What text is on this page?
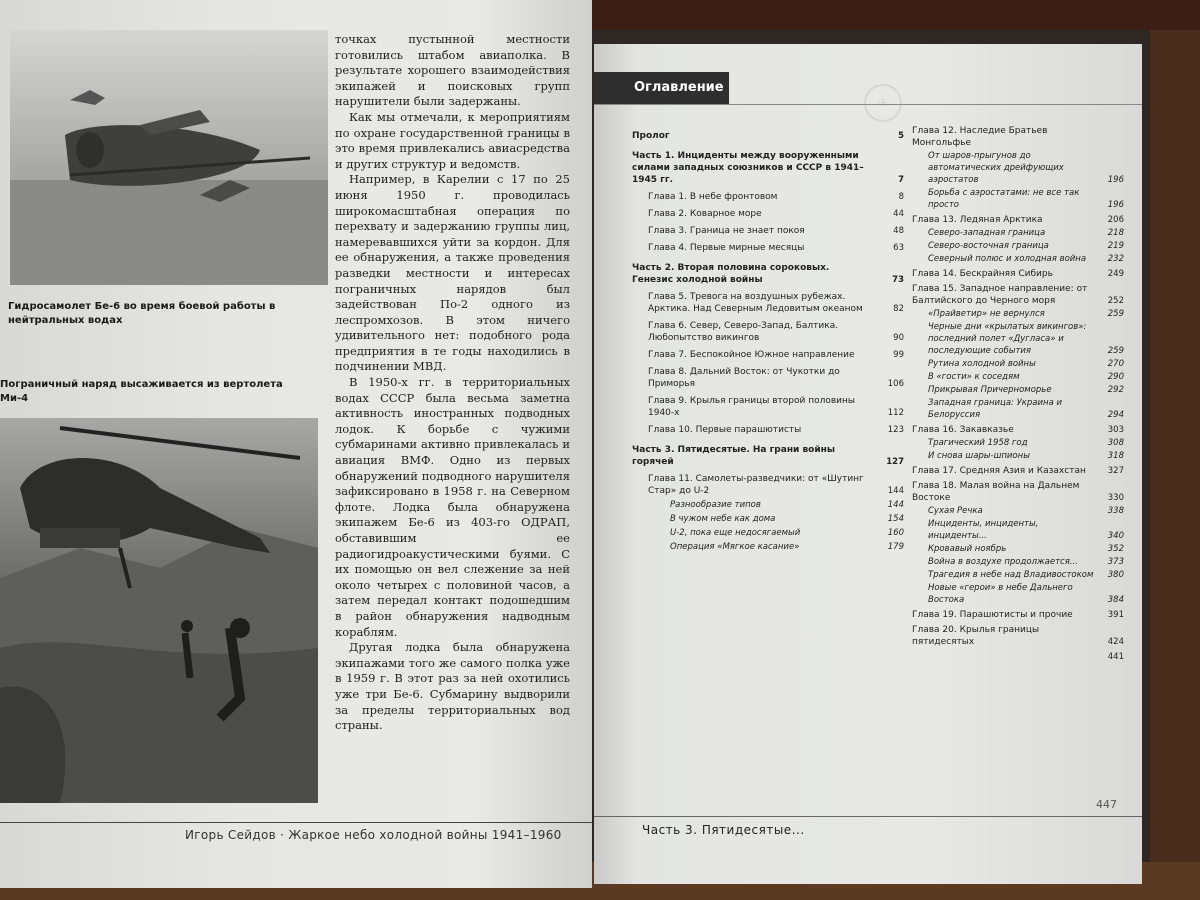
Гидросамолет Бе-6 во время боевой работы в нейтральных водах
Пограничный наряд высаживается из вертолета Ми-4

точках пустынной местности готовились штабом авиаполка. В результате хорошего взаимодействия экипажей и поисковых групп нарушители были задержаны.

Как мы отмечали, к мероприятиям по охране государственной границы в это время привлекались авиасредства и других структур и ведомств.

Например, в Карелии с 17 по 25 июня 1950 г. проводилась широкомасштабная операция по перехвату и задержанию группы лиц, намеревавшихся уйти за кордон. Для ее обнаружения, а также проведения разведки местности и интересах пограничных нарядов был задействован По-2 одного из леспромхозов. В этом ничего удивительного нет: подобного рода предприятия в те годы находились в подчинении МВД.

В 1950-х гг. в территориальных водах СССР была весьма заметна активность иностранных подводных лодок. К борьбе с чужими субмаринами активно привлекалась и авиация ВМФ. Одно из первых обнаружений подводного нарушителя зафиксировано в 1958 г. на Северном флоте. Лодка была обнаружена экипажем Бе-6 из 403-го ОДРАП, обставившим ее радиогидроакустическими буями. С их помощью он вел слежение за ней около четырех с половиной часов, а затем передал контакт подошедшим в район обнаружения надводным кораблям.

Другая лодка была обнаружена экипажами того же самого полка уже в 1959 г. В этот раз за ней охотились уже три Бе-6. Субмарину выдворили за пределы территориальных вод страны.

Игорь Сейдов · Жаркое небо холодной войны 1941–1960
✈
Оглавление
Пролог	5
Часть 1. Инциденты между вооруженными силами западных союзников и СССР в 1941–1945 гг.	7
Глава 1. В небе фронтовом	8
Глава 2. Коварное море	44
Глава 3. Граница не знает покоя	48
Глава 4. Первые мирные месяцы	63
Часть 2. Вторая половина сороковых. Генезис холодной войны	73
Глава 5. Тревога на воздушных рубежах. Арктика. Над Северным Ледовитым океаном	82
Глава 6. Север, Северо-Запад, Балтика. Любопытство викингов	90
Глава 7. Беспокойное Южное направление	99
Глава 8. Дальний Восток: от Чукотки до Приморья	106
Глава 9. Крылья границы второй половины 1940-х	112
Глава 10. Первые парашютисты	123
Часть 3. Пятидесятые. На грани войны горячей	127
Глава 11. Самолеты-разведчики: от «Шутинг Стар» до U-2	144
Разнообразие типов	144
В чужом небе как дома	154
U-2, пока еще недосягаемый	160
Операция «Мягкое касание»	179
Глава 12. Наследие Братьев Монгольфье
От шаров-прыгунов до автоматических дрейфующих аэростатов	196
Борьба с аэростатами: не все так просто	196
Глава 13. Ледяная Арктика	206
Северо-западная граница	218
Северо-восточная граница	219
Северный полюс и холодная война	232
Глава 14. Бескрайняя Сибирь	249
Глава 15. Западное направление: от Балтийского до Черного моря	252
«Прайветир» не вернулся	259
Черные дни «крылатых викингов»: последний полет «Дугласа» и последующие события	259
Рутина холодной войны	270
В «гости» к соседям	290
Прикрывая Причерноморье	292
Западная граница: Украина и Белоруссия	294
Глава 16. Закавказье	303
Трагический 1958 год	308
И снова шары-шпионы	318
Глава 17. Средняя Азия и Казахстан	327
Глава 18. Малая война на Дальнем Востоке	330
Сухая Речка	338
Инциденты, инциденты, инциденты...	340
Кровавый ноябрь	352
Война в воздухе продолжается...	373
Трагедия в небе над Владивостоком	380
Новые «герои» в небе Дальнего Востока	384
Глава 19. Парашютисты и прочие	391
Глава 20. Крылья границы пятидесятых	424
441
447
Часть 3. Пятидесятые...
